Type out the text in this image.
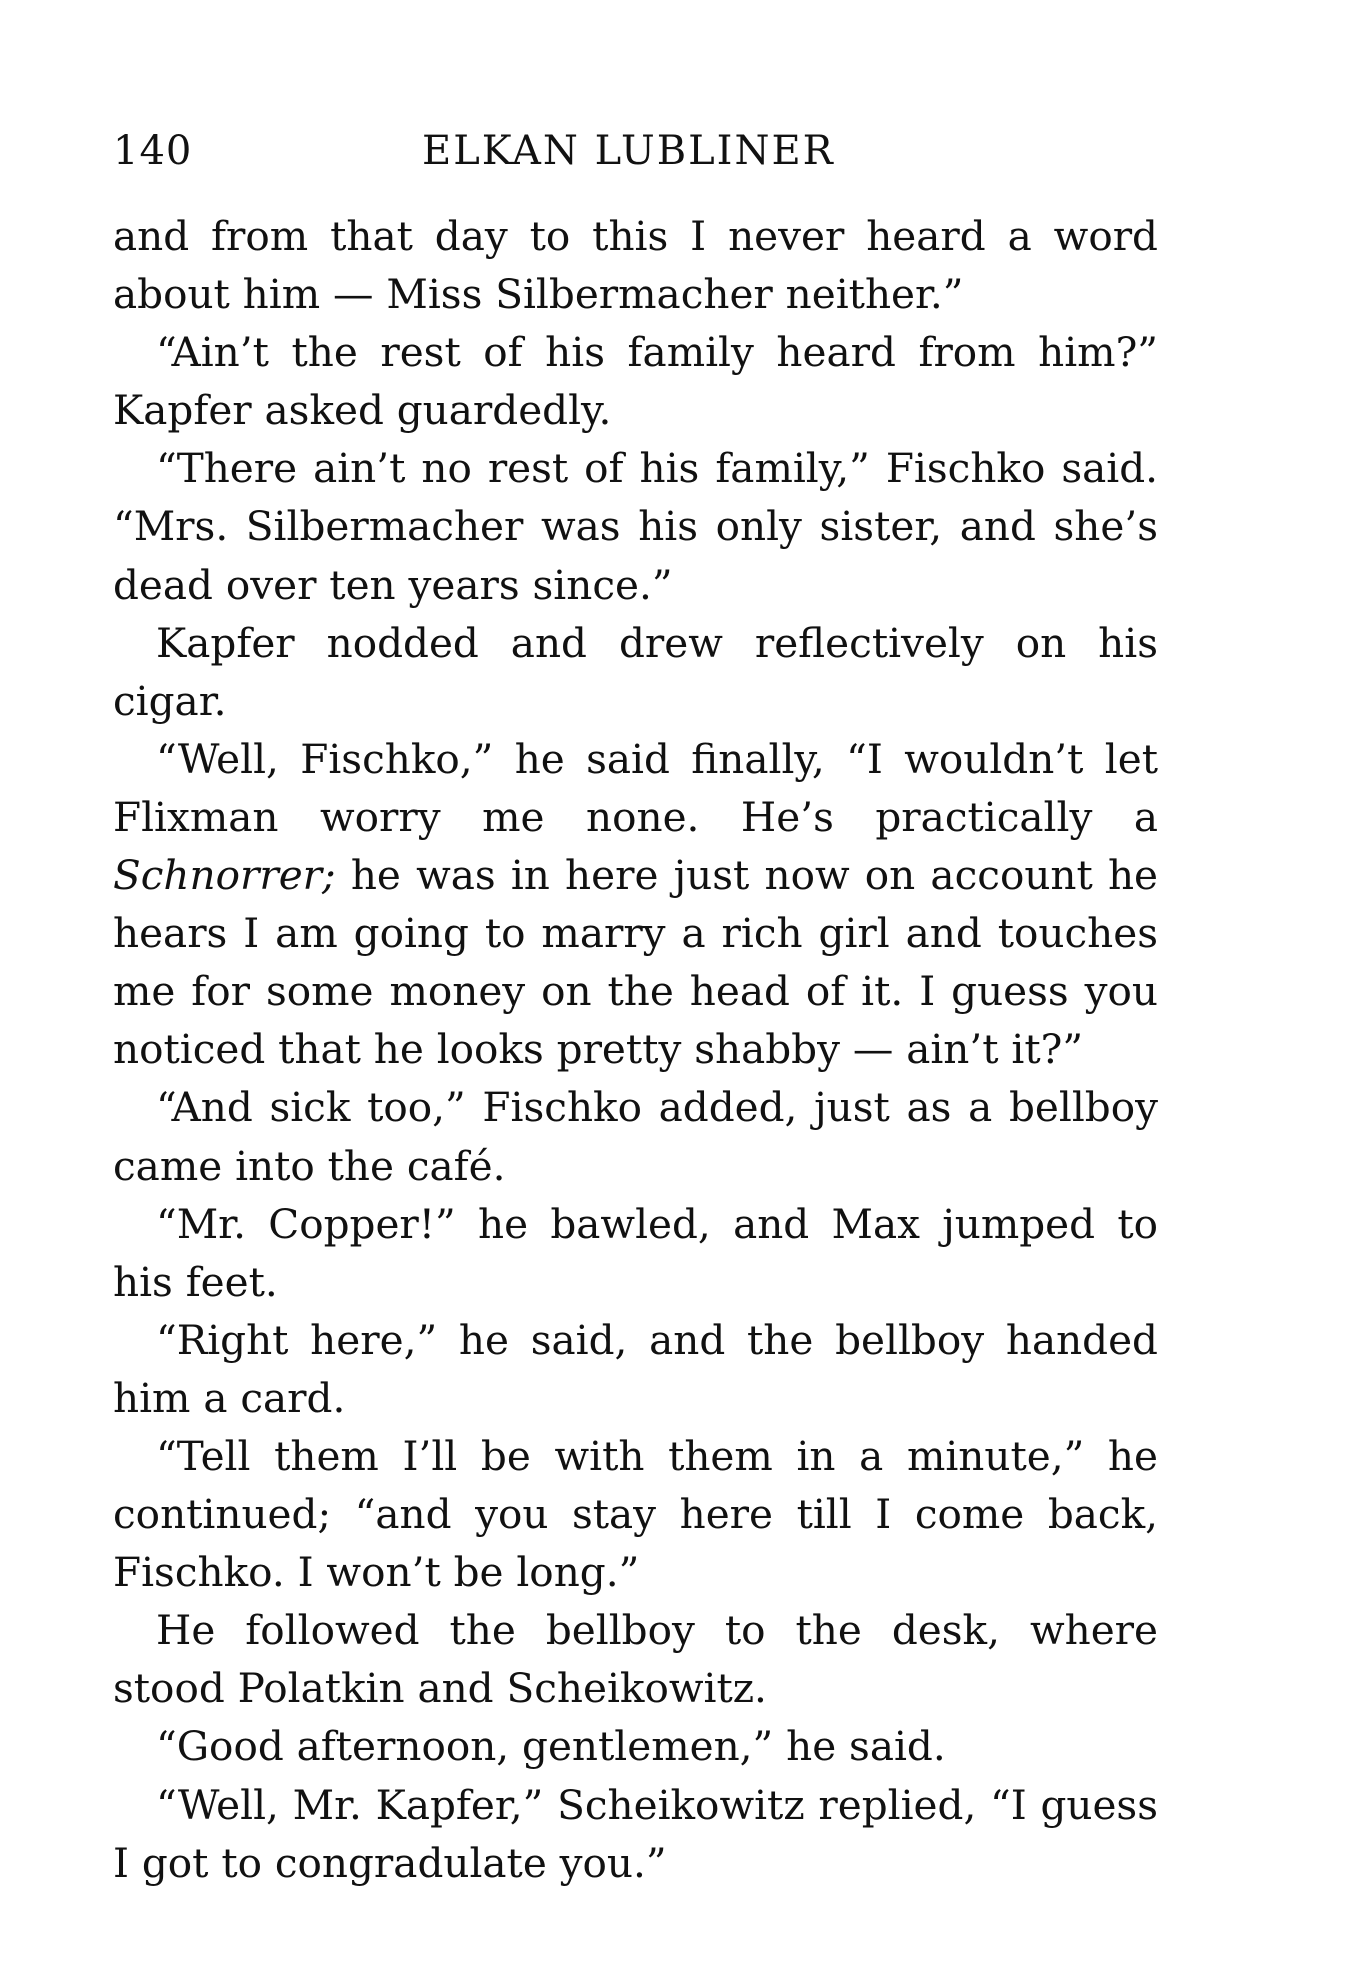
140	ELKAN LUBLINER

and from that day to this I never heard a word about him — Miss Silbermacher neither.”

“Ain’t the rest of his family heard from him?” Kapfer asked guardedly.

“There ain’t no rest of his family,” Fischko said. “Mrs. Silbermacher was his only sister, and she’s dead over ten years since.”

Kapfer nodded and drew reflectively on his cigar.

“Well, Fischko,” he said finally, “I wouldn’t let Flixman worry me none. He’s practically a Schnorrer; he was in here just now on account he hears I am going to marry a rich girl and touches me for some money on the head of it. I guess you noticed that he looks pretty shabby — ain’t it?”

“And sick too,” Fischko added, just as a bellboy came into the café.

“Mr. Copper!” he bawled, and Max jumped to his feet.

“Right here,” he said, and the bellboy handed him a card.

“Tell them I’ll be with them in a minute,” he continued; “and you stay here till I come back, Fischko. I won’t be long.”

He followed the bellboy to the desk, where stood Polatkin and Scheikowitz.

“Good afternoon, gentlemen,” he said.

“Well, Mr. Kapfer,” Scheikowitz replied, “I guess I got to congradulate you.”
